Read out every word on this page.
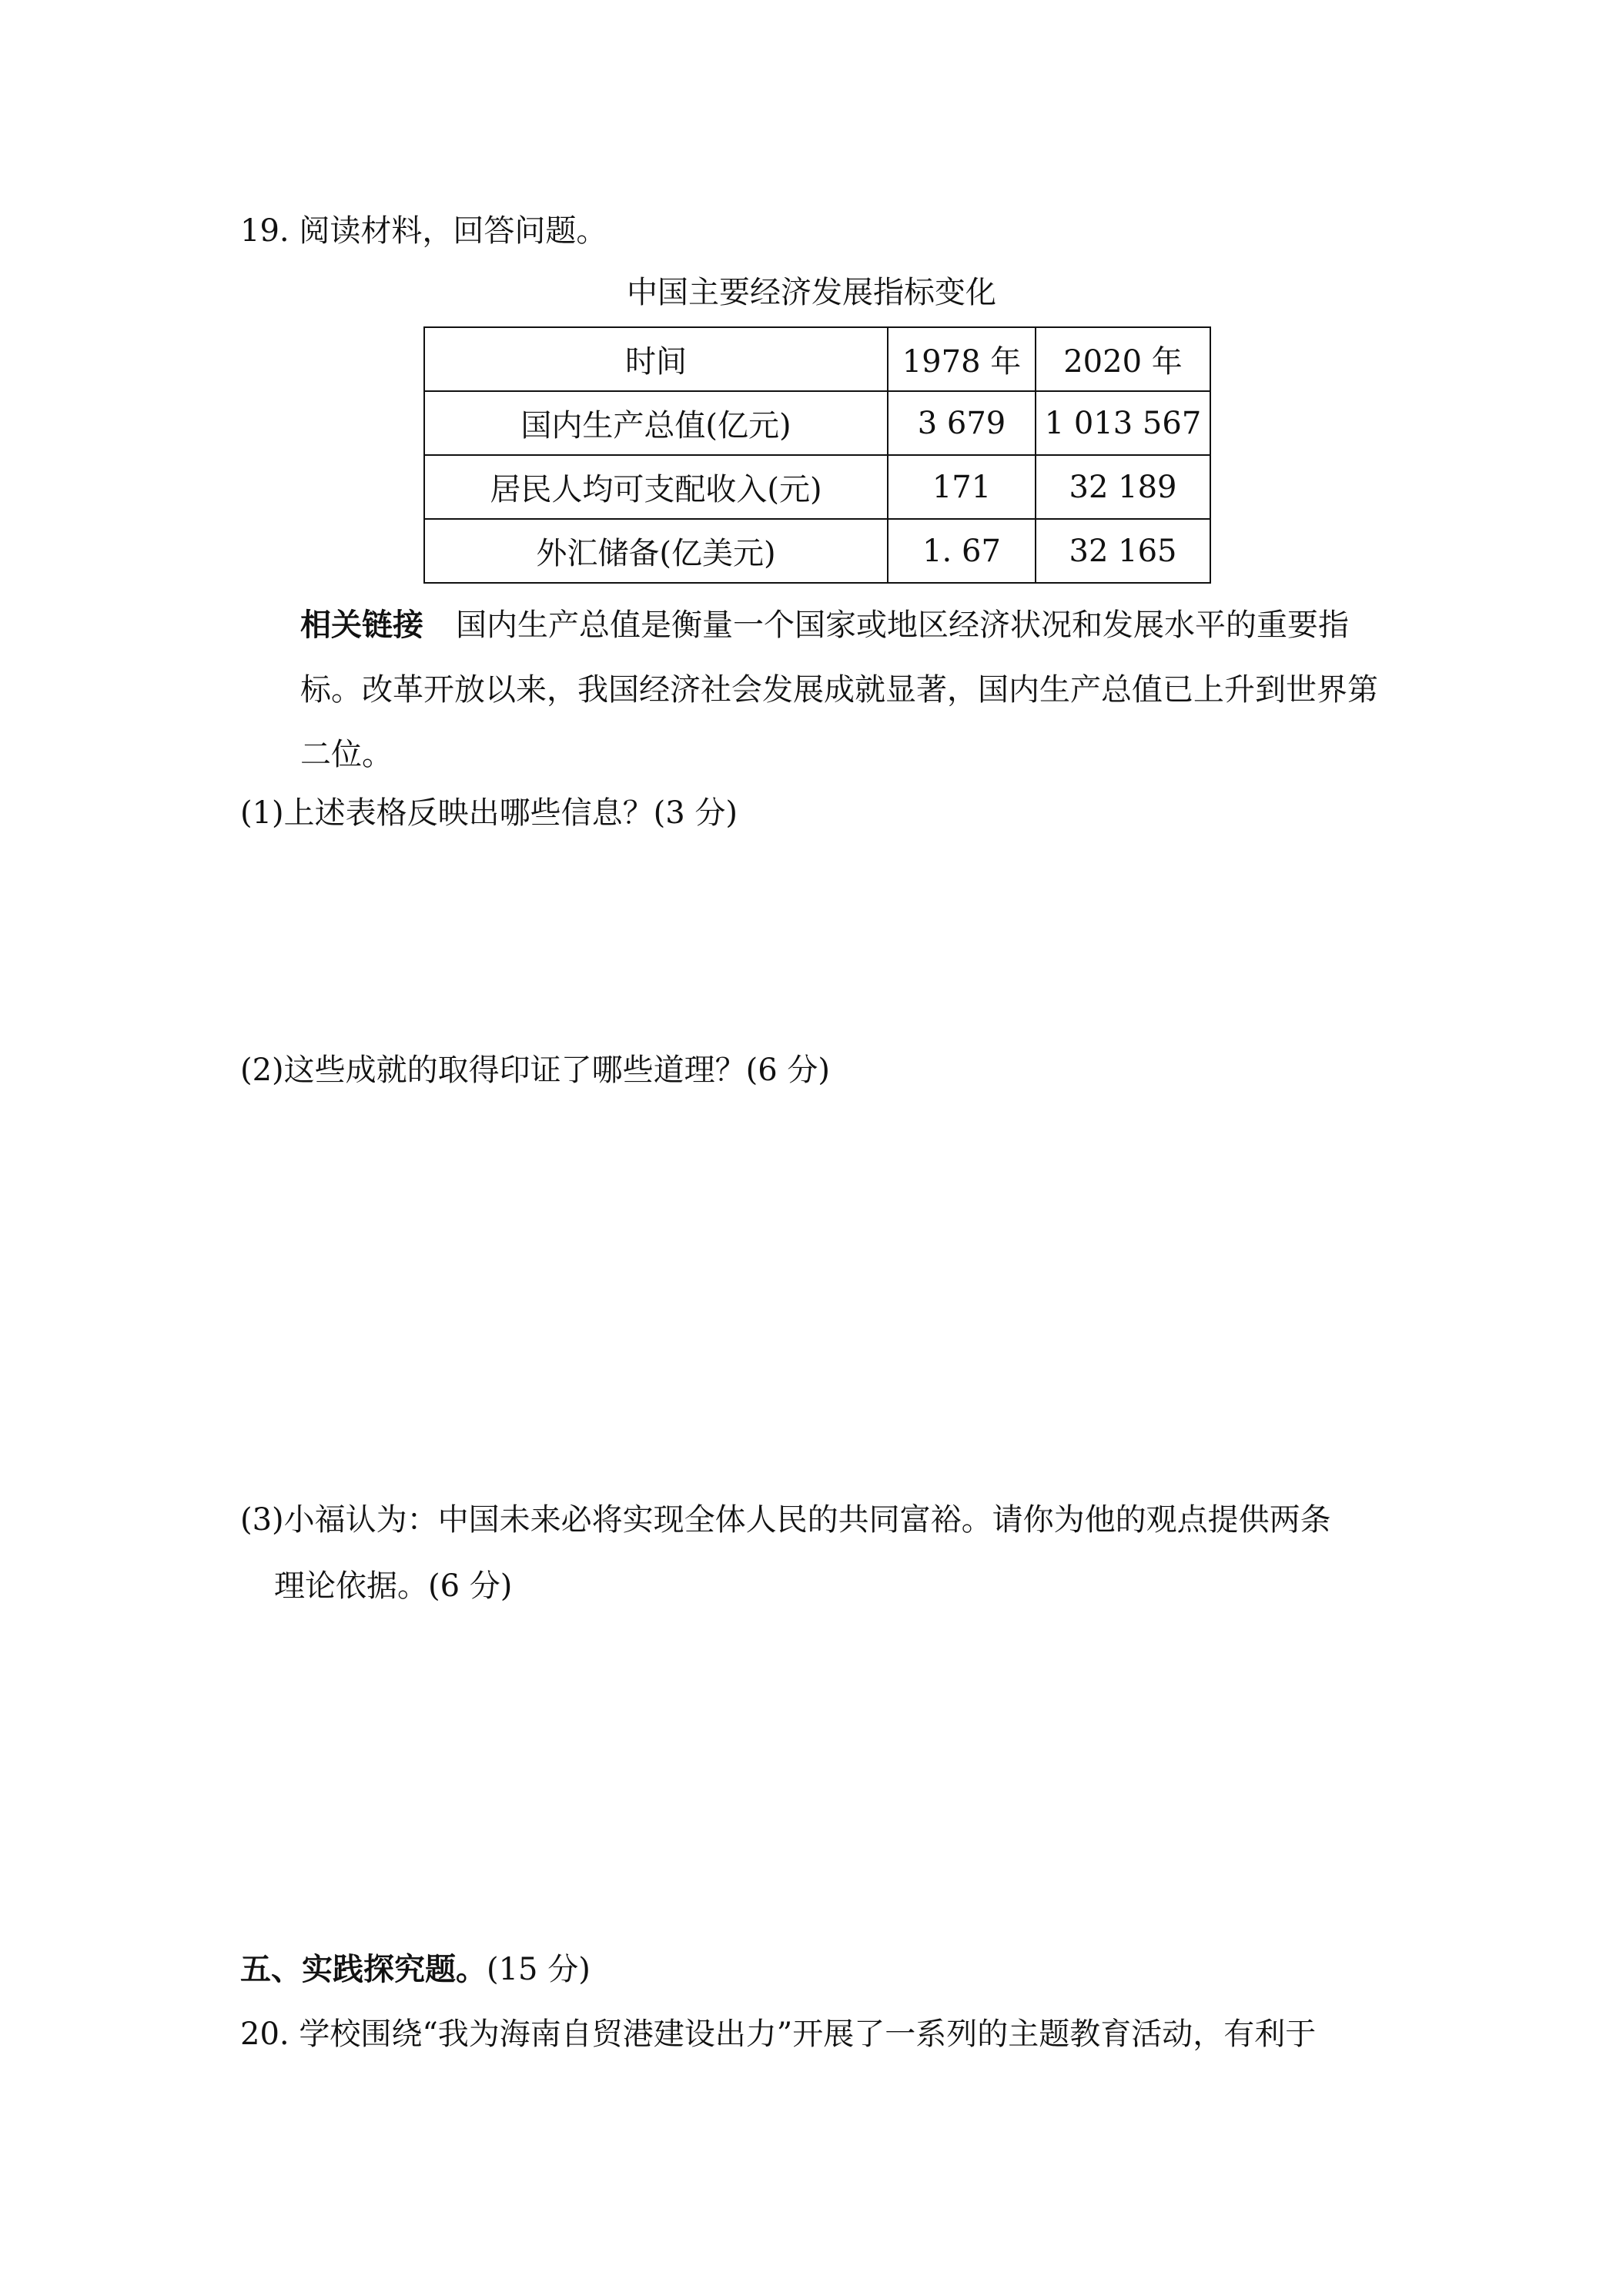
19. 阅读材料，回答问题。
中国主要经济发展指标变化
时间	1978 年	2020 年
国内生产总值(亿元)	3 679	1 013 567
居民人均可支配收入(元)	171	32 189
外汇储备(亿美元)	1. 67	32 165
相关链接 国内生产总值是衡量一个国家或地区经济状况和发展水平的重要指标。改革开放以来，我国经济社会发展成就显著，国内生产总值已上升到世界第二位。
(1)上述表格反映出哪些信息？(3 分)
(2)这些成就的取得印证了哪些道理？(6 分)
(3)小福认为：中国未来必将实现全体人民的共同富裕。请你为他的观点提供两条
理论依据。(6 分)
五、实践探究题。(15 分)
20. 学校围绕“我为海南自贸港建设出力”开展了一系列的主题教育活动，有利于
